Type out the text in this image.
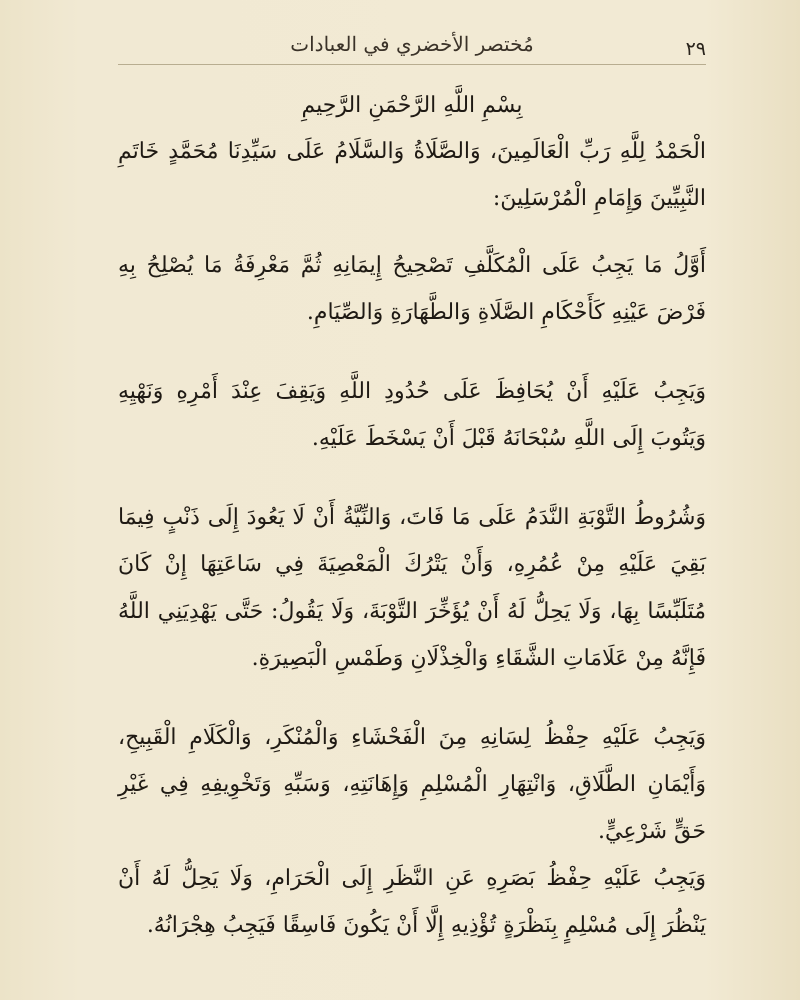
٢٩
مُختصر الأخضري في العبادات
بِسْمِ اللَّهِ الرَّحْمَنِ الرَّحِيمِ

الْحَمْدُ لِلَّهِ رَبِّ الْعَالَمِينَ، وَالصَّلَاةُ وَالسَّلَامُ عَلَى سَيِّدِنَا مُحَمَّدٍ خَاتَمِ النَّبِيِّينَ وَإِمَامِ الْمُرْسَلِينَ:

أَوَّلُ مَا يَجِبُ عَلَى الْمُكَلَّفِ تَصْحِيحُ إِيمَانِهِ ثُمَّ مَعْرِفَةُ مَا يُصْلِحُ بِهِ فَرْضَ عَيْنِهِ كَأَحْكَامِ الصَّلَاةِ وَالطَّهَارَةِ وَالصِّيَامِ.

وَيَجِبُ عَلَيْهِ أَنْ يُحَافِظَ عَلَى حُدُودِ اللَّهِ وَيَقِفَ عِنْدَ أَمْرِهِ وَنَهْيِهِ وَيَتُوبَ إِلَى اللَّهِ سُبْحَانَهُ قَبْلَ أَنْ يَسْخَطَ عَلَيْهِ.

وَشُرُوطُ التَّوْبَةِ النَّدَمُ عَلَى مَا فَاتَ، وَالنِّيَّةُ أَنْ لَا يَعُودَ إِلَى ذَنْبٍ فِيمَا بَقِيَ عَلَيْهِ مِنْ عُمُرِهِ، وَأَنْ يَتْرُكَ الْمَعْصِيَةَ فِي سَاعَتِهَا إِنْ كَانَ مُتَلَبِّسًا بِهَا، وَلَا يَحِلُّ لَهُ أَنْ يُؤَخِّرَ التَّوْبَةَ، وَلَا يَقُولُ: حَتَّى يَهْدِيَنِي اللَّهُ فَإِنَّهُ مِنْ عَلَامَاتِ الشَّقَاءِ وَالْخِذْلَانِ وَطَمْسِ الْبَصِيرَةِ.

وَيَجِبُ عَلَيْهِ حِفْظُ لِسَانِهِ مِنَ الْفَحْشَاءِ وَالْمُنْكَرِ، وَالْكَلَامِ الْقَبِيحِ، وَأَيْمَانِ الطَّلَاقِ، وَانْتِهَارِ الْمُسْلِمِ وَإِهَانَتِهِ، وَسَبِّهِ وَتَخْوِيفِهِ فِي غَيْرِ حَقٍّ شَرْعِيٍّ.

وَيَجِبُ عَلَيْهِ حِفْظُ بَصَرِهِ عَنِ النَّظَرِ إِلَى الْحَرَامِ، وَلَا يَحِلُّ لَهُ أَنْ يَنْظُرَ إِلَى مُسْلِمٍ بِنَظْرَةٍ تُؤْذِيهِ إِلَّا أَنْ يَكُونَ فَاسِقًا فَيَجِبُ هِجْرَانُهُ.
